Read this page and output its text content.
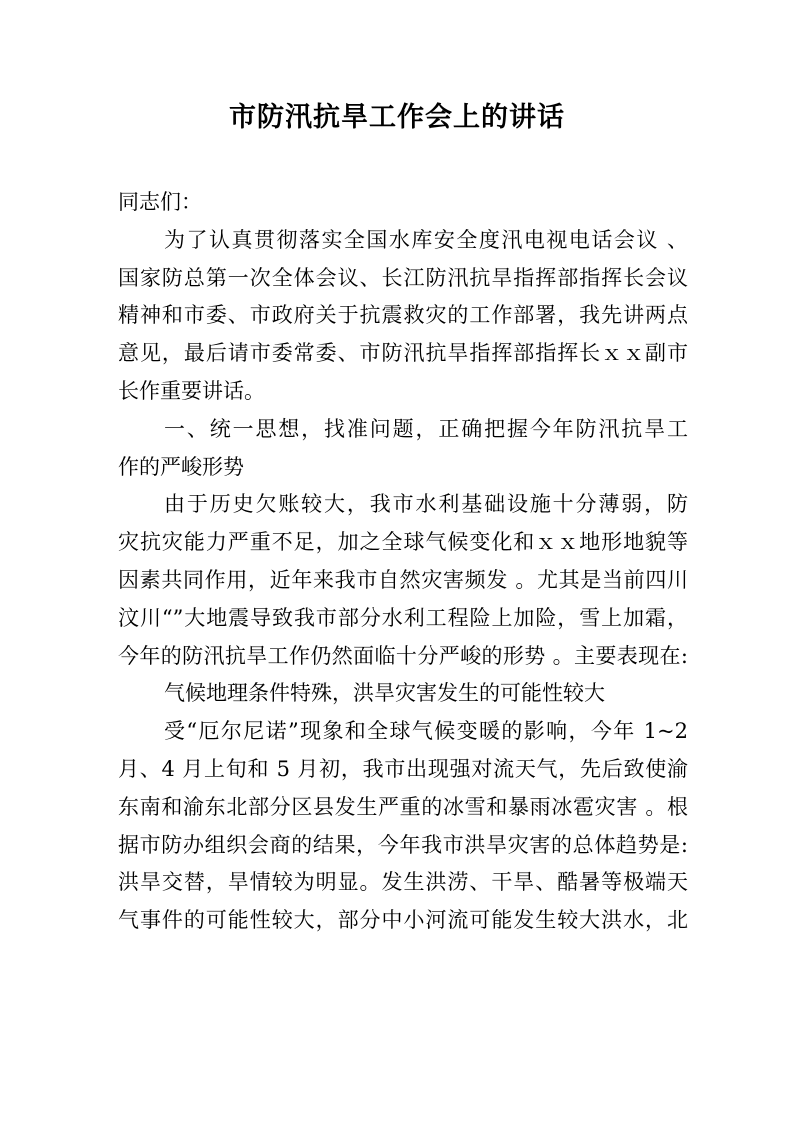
市防汛抗旱工作会上的讲话
同志们：
为了认真贯彻落实全国水库安全度汛电视电话会议 、
国家防总第一次全体会议、长江防汛抗旱指挥部指挥长会议
精神和市委、市政府关于抗震救灾的工作部署，我先讲两点
意见，最后请市委常委、市防汛抗旱指挥部指挥长ｘｘ副市
长作重要讲话。
一、统一思想，找准问题，正确把握今年防汛抗旱工
作的严峻形势
由于历史欠账较大，我市水利基础设施十分薄弱，防
灾抗灾能力严重不足，加之全球气候变化和ｘｘ地形地貌等
因素共同作用，近年来我市自然灾害频发 。尤其是当前四川
汶川“”大地震导致我市部分水利工程险上加险，雪上加霜，
今年的防汛抗旱工作仍然面临十分严峻的形势 。主要表现在:
气候地理条件特殊，洪旱灾害发生的可能性较大
受“厄尔尼诺”现象和全球气候变暖的影响，今年 1~2
月、4 月上旬和 5 月初，我市出现强对流天气，先后致使渝
东南和渝东北部分区县发生严重的冰雪和暴雨冰雹灾害 。根
据市防办组织会商的结果，今年我市洪旱灾害的总体趋势是:
洪旱交替，旱情较为明显。发生洪涝、干旱、酷暑等极端天
气事件的可能性较大，部分中小河流可能发生较大洪水，北
